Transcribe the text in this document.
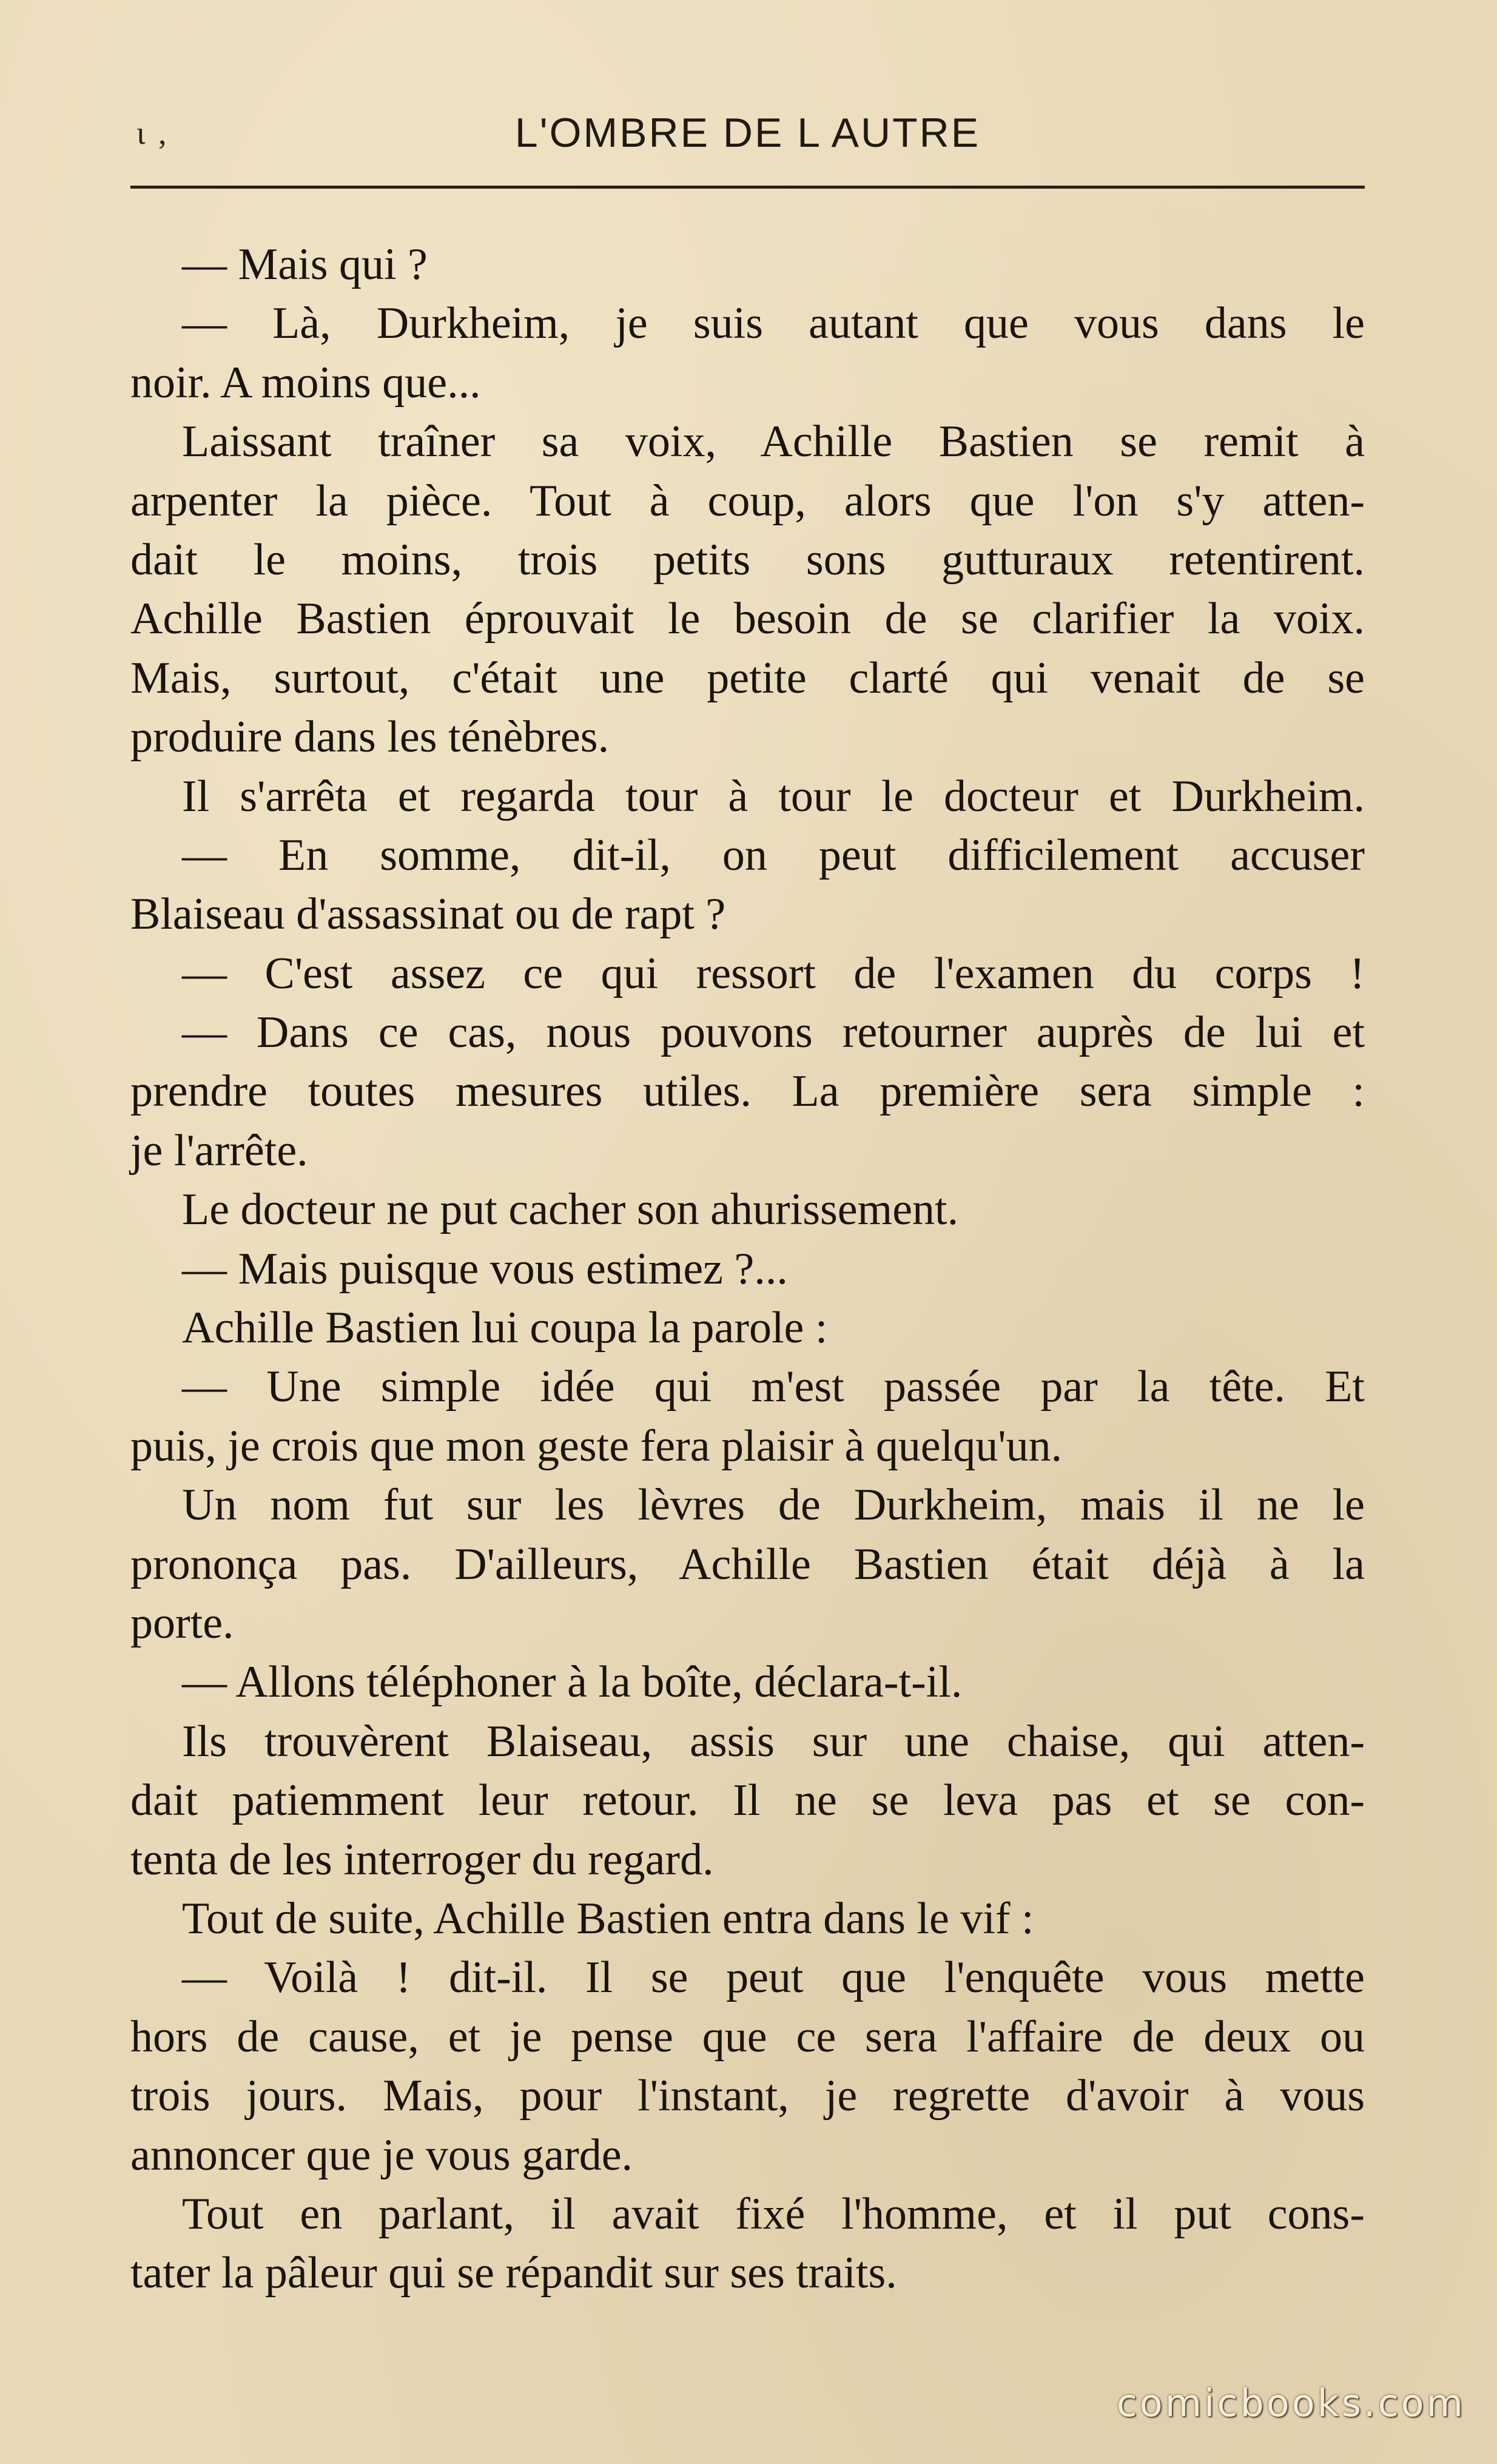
ι ,	L'OMBRE DE L AUTRE
— Mais qui ?
— Là, Durkheim, je suis autant que vous dans le
noir. A moins que...
Laissant traîner sa voix, Achille Bastien se remit à
arpenter la pièce. Tout à coup, alors que l'on s'y atten-
dait le moins, trois petits sons gutturaux retentirent.
Achille Bastien éprouvait le besoin de se clarifier la voix.
Mais, surtout, c'était une petite clarté qui venait de se
produire dans les ténèbres.
Il s'arrêta et regarda tour à tour le docteur et Durkheim.
— En somme, dit-il, on peut difficilement accuser
Blaiseau d'assassinat ou de rapt ?
— C'est assez ce qui ressort de l'examen du corps !
— Dans ce cas, nous pouvons retourner auprès de lui et
prendre toutes mesures utiles. La première sera simple :
je l'arrête.
Le docteur ne put cacher son ahurissement.
— Mais puisque vous estimez ?...
Achille Bastien lui coupa la parole :
— Une simple idée qui m'est passée par la tête. Et
puis, je crois que mon geste fera plaisir à quelqu'un.
Un nom fut sur les lèvres de Durkheim, mais il ne le
prononça pas. D'ailleurs, Achille Bastien était déjà à la
porte.
— Allons téléphoner à la boîte, déclara-t-il.
Ils trouvèrent Blaiseau, assis sur une chaise, qui atten-
dait patiemment leur retour. Il ne se leva pas et se con-
tenta de les interroger du regard.
Tout de suite, Achille Bastien entra dans le vif :
— Voilà ! dit-il. Il se peut que l'enquête vous mette
hors de cause, et je pense que ce sera l'affaire de deux ou
trois jours. Mais, pour l'instant, je regrette d'avoir à vous
annoncer que je vous garde.
Tout en parlant, il avait fixé l'homme, et il put cons-
tater la pâleur qui se répandit sur ses traits.
comicbooks.com
